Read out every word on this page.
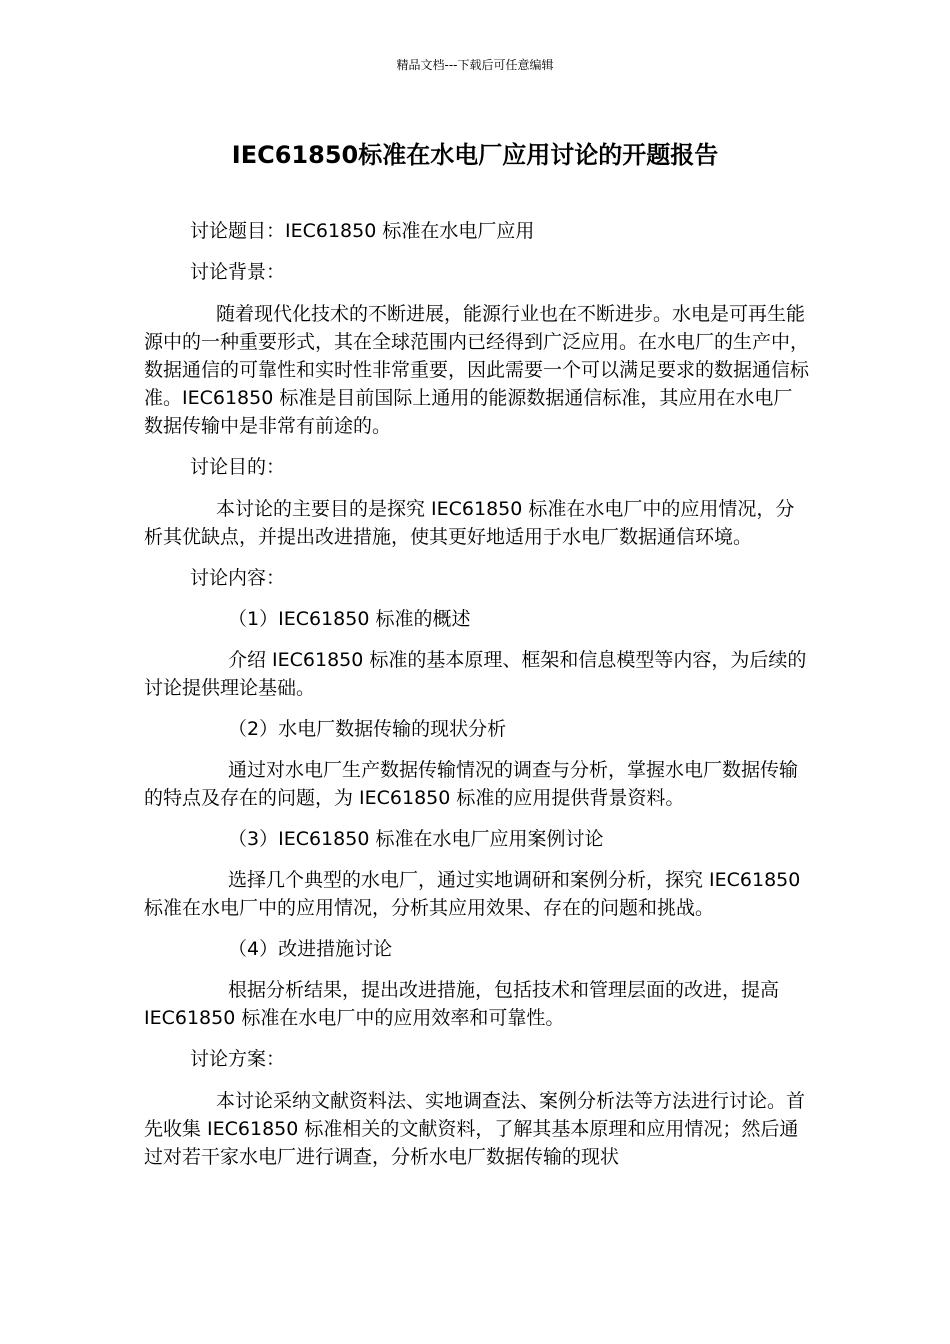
精品文档---下载后可任意编辑
IEC61850标准在水电厂应用讨论的开题报告

讨论题目：IEC61850 标准在水电厂应用

讨论背景：

随着现代化技术的不断进展，能源行业也在不断进步。水电是可再生能源中的一种重要形式，其在全球范围内已经得到广泛应用。在水电厂的生产中，数据通信的可靠性和实时性非常重要，因此需要一个可以满足要求的数据通信标准。IEC61850 标准是目前国际上通用的能源数据通信标准，其应用在水电厂数据传输中是非常有前途的。

讨论目的：

本讨论的主要目的是探究 IEC61850 标准在水电厂中的应用情况，分析其优缺点，并提出改进措施，使其更好地适用于水电厂数据通信环境。

讨论内容：

（1）IEC61850 标准的概述

介绍 IEC61850 标准的基本原理、框架和信息模型等内容，为后续的讨论提供理论基础。

（2）水电厂数据传输的现状分析

通过对水电厂生产数据传输情况的调查与分析，掌握水电厂数据传输的特点及存在的问题，为 IEC61850 标准的应用提供背景资料。

（3）IEC61850 标准在水电厂应用案例讨论

选择几个典型的水电厂，通过实地调研和案例分析，探究 IEC61850 标准在水电厂中的应用情况，分析其应用效果、存在的问题和挑战。

（4）改进措施讨论

根据分析结果，提出改进措施，包括技术和管理层面的改进，提高 IEC61850 标准在水电厂中的应用效率和可靠性。

讨论方案：

本讨论采纳文献资料法、实地调查法、案例分析法等方法进行讨论。首先收集 IEC61850 标准相关的文献资料，了解其基本原理和应用情况；然后通过对若干家水电厂进行调查，分析水电厂数据传输的现状
